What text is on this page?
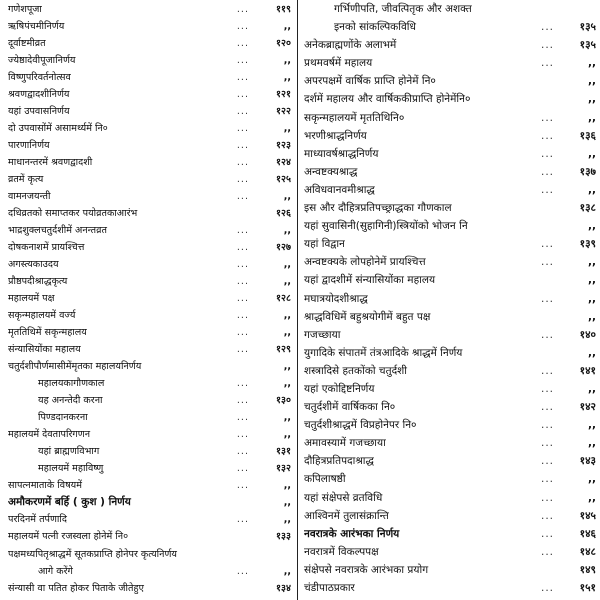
गणेशपूजा	...	११९
ऋषिपंचमीनिर्णय	...	,,
दूर्वाष्टमीव्रत	...	१२०
ज्येष्ठादेवीपूजानिर्णय	...	,,
विष्णुपरिवर्तनोत्सव	...	,,
श्रवणद्वादशीनिर्णय	...	१२१
यहां उपवासनिर्णय	...	१२२
दो उपवासोंमें असामर्थ्यमें नि०	...	,,
पारणानिर्णय	...	१२३
माधानन्तरमें श्रवणद्वादशी	...	१२४
व्रतमें कृत्य	...	१२५
वामनजयन्ती	...	,,
दधिव्रतको समाप्तकर पयोव्रतकाआरंभ	१२६
भाद्रशुक्लचतुर्दशीमें अनन्तव्रत	...	,,
दोषकनाशमें प्रायश्चित्त	...	१२७
अगस्त्यकाउदय	...	,,
प्रौष्ठपदीश्राद्धकृत्य	...	,,
महालयमें पक्ष	...	१२८
सकृन्महालयमें वर्ज्य	...	,,
मृततिथिमें सकृन्महालय	...	,,
संन्यासियोंका महालय	...	१२९
चतुर्दशीपौर्णमासीमेंमृतका महालयनिर्णय	,,
महालयकागौणकाल	...	,,
यह अनन्तेदी करना	...	१३०
पिण्डदानकरना	...	,,
महालयमें देवतापरिगणन	...	,,
यहां ब्राह्मणविभाग	...	१३१
महालयमें महाविष्णु	...	१३२
सापत्नमाताके विषयमें	...	,,
अमौकरणमें बर्हि ( कुश ) निर्णय	,,
परदिनमें तर्पणादि	...	,,
महालयमें पत्नी रजस्वला होनेमें नि०	१३३
पक्षमध्यपितृश्राद्धमें सूतकप्राप्ति होनेपर कृत्यनिर्णय
आगे करेंगे	...	,,
संन्यासी वा पतित होकर पिताके जीतेहुए	१३४
गर्भिणीपति, जीवत्पितृक और अशक्त
इनको सांकल्पिकविधि	...	१३५
अनेकब्राह्मणोंके अलाभमें	...	१३५
प्रथमवर्षमें महालय	...	,,
अपरपक्षमें वार्षिक प्राप्ति होनेमें नि०	,,
दर्शमें महालय और वार्षिककीप्राप्ति होनेमेंनि०	,,
सकृन्महालयमें मृततिथिनि०	...	,,
भरणीश्राद्धनिर्णय	...	१३६
माध्यावर्षश्राद्धनिर्णय	...	,,
अन्वष्टक्यश्राद्ध	...	१३७
अविधवानवमीश्राद्ध	...	,,
इस और दौहित्रप्रतिपच्छ्राद्धका गौणकाल	१३८
यहां सुवासिनी(सुहागिनी)स्त्रियोंको भोजन नि	,,
यहां विद्वान	...	१३९
अन्वष्टक्यके लोपहोनेमें प्रायश्चित्त	...	,,
यहां द्वादशीमें संन्यासियोंका महालय	,,
मघात्रयोदशीश्राद्ध	...	,,
श्राद्धविधिमें बहुश्रयोगीमें बहुत पक्ष	,,
गजच्छाया	...	१४०
युगादिके संपातमें तंत्रआदिके श्राद्धमें निर्णय	,,
शस्त्रादिसे हतकोंको चतुर्दशी	...	१४१
यहां एकोद्दिष्टनिर्णय	...	,,
चतुर्दशीमें वार्षिकका नि०	...	१४२
चतुर्दशीश्राद्धमें विप्रहोनेपर नि०	...	,,
अमावस्यामें गजच्छाया	...	,,
दौहित्रप्रतिपदाश्राद्ध	...	१४३
कपिलाषष्ठी	...	,,
यहां संक्षेपसे व्रतविधि	...	,,
आश्विनमें तुलासंक्रान्ति	...	१४५
नवरात्रके आरंभका निर्णय	...	१४६
नवरात्रमें विकल्पपक्ष	...	१४८
संक्षेपसे नवरात्रके आरंभका प्रयोग	१४९
चंडीपाठप्रकार	...	१५१
